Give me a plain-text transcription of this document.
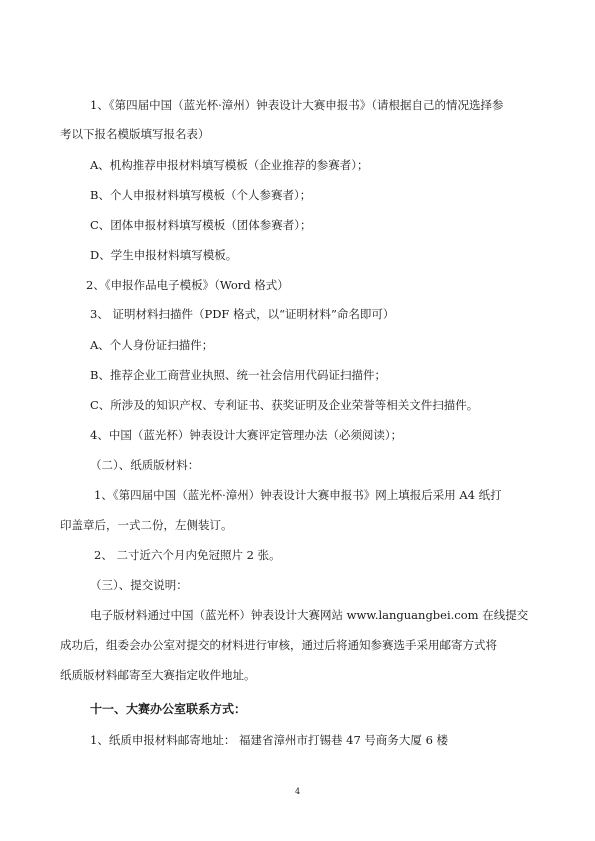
1、《第四届中国（蓝光杯·漳州）钟表设计大赛申报书》（请根据自己的情况选择参
考以下报名模版填写报名表）
A、机构推荐申报材料填写模板（企业推荐的参赛者）；
B、个人申报材料填写模板（个人参赛者）；
C、团体申报材料填写模板（团体参赛者）；
D、学生申报材料填写模板。
2、《申报作品电子模板》（Word 格式）
3、 证明材料扫描件（PDF 格式，以“证明材料”命名即可）
A、个人身份证扫描件；
B、推荐企业工商营业执照、统一社会信用代码证扫描件；
C、所涉及的知识产权、专利证书、获奖证明及企业荣誉等相关文件扫描件。
4、中国（蓝光杯）钟表设计大赛评定管理办法（必须阅读）；
（二）、纸质版材料：
1、《第四届中国（蓝光杯·漳州）钟表设计大赛申报书》网上填报后采用 A4 纸打
印盖章后，一式二份，左侧装订。
2、 二寸近六个月内免冠照片 2 张。
（三）、提交说明：
电子版材料通过中国（蓝光杯）钟表设计大赛网站 www.languangbei.com 在线提交
成功后，组委会办公室对提交的材料进行审核，通过后将通知参赛选手采用邮寄方式将
纸质版材料邮寄至大赛指定收件地址。
十一、大赛办公室联系方式：
1、纸质申报材料邮寄地址： 福建省漳州市打锡巷 47 号商务大厦 6 楼
4
